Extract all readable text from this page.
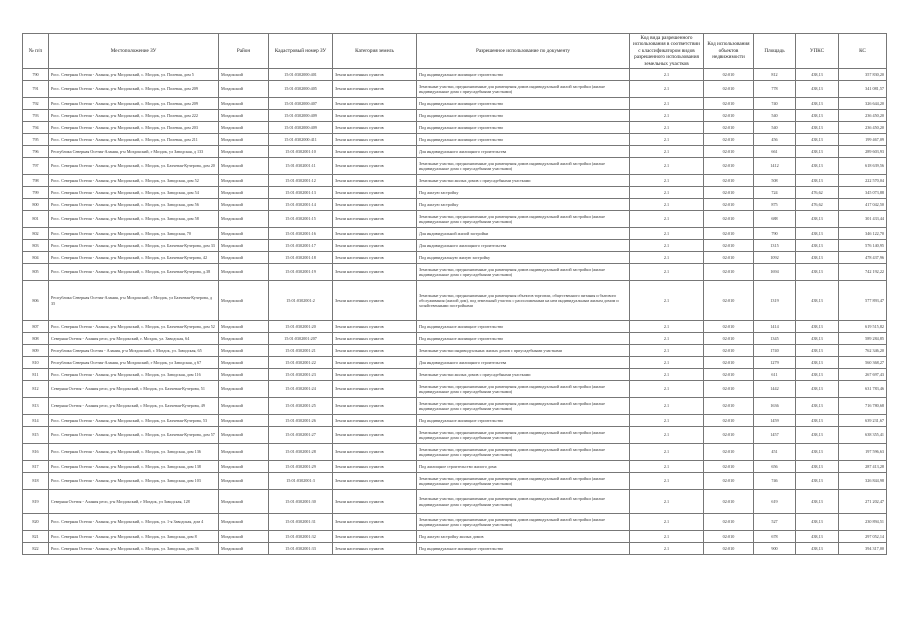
№ п/п	Местоположение ЗУ	Район	Кадастровый номер ЗУ	Категория земель	Разрешенное использование по документу	Код вида разрешенного использования в соответствии с классификатором видов разрешенного использования земельных участков	Код использования объектов недвижимости	Площадь	УПКС	КС
790	Росс. Северная Осетия - Алания, р-н Моздокский, с. Моздок, ул. Полевая, дом 5	Моздокский	15:01:0302000:401	Земли населенных пунктов	Под индивидуальное жилищное строительство	2.1	02:010	812	438,13	357 830,20
791	Росс. Северная Осетия - Алания, р-н Моздокский, с. Моздок, ул. Полевая, дом 209	Моздокский	15:01:0302000:405	Земли населенных пунктов	Земельные участки, предназначенные для размещения домов индивидуальной жилой застройки (жилые индивидуальные дома с приусадебными участками)	2.1	02:010	778	438,13	341 081,57
792	Росс. Северная Осетия - Алания, р-н Моздокский, с. Моздок, ул. Полевая, дом 209	Моздокский	15:01:0302000:407	Земли населенных пунктов	Под индивидуальное жилищное строительство	2.1	02:010	740	438,13	326 644,20
793	Росс. Северная Осетия - Алания, р-н Моздокский, с. Моздок, ул. Полевая, дом 222	Моздокский	15:01:0302000:409	Земли населенных пунктов	Под индивидуальное жилищное строительство	2.1	02:010	540	438,13	236 450,20
794	Росс. Северная Осетия - Алания, р-н Моздокский, с. Моздок, ул. Полевая, дом 203	Моздокский	15:01:0302000:409	Земли населенных пунктов	Под индивидуальное жилищное строительство	2.1	02:010	540	438,13	236 450,20
795	Росс. Северная Осетия - Алания, р-н Моздокский, с. Моздок, ул. Полевая, дом 211	Моздокский	15:01:0302000:411	Земли населенных пунктов	Под индивидуальное жилищное строительство	2.1	02:010	456	438,13	199 467,09
796	Республика Северная Осетия-Алания, р-н Моздокский, г Моздок, ул Заводская, д 133	Моздокский	15:01:0302001:10	Земли населенных пунктов	Для индивидуального жилищного строительства	2.1	02:010	661	438,13	289 603,93
797	Росс. Северная Осетия - Алания, р-н Моздокский, с. Моздок, ул. Бахчевая-Кучерова, дом 20	Моздокский	15:01:0302001:11	Земли населенных пунктов	Земельные участки, предназначенные для размещения домов индивидуальной жилой застройки (жилые индивидуальные дома с приусадебными участками)	2.1	02:010	1412	438,13	618 639,56
798	Росс. Северная Осетия - Алания, р-н Моздокский, с. Моздок, ул. Заводская, дом 52	Моздокский	15:01:0302001:12	Земли населенных пунктов	Земельные участки жилых домов с приусадебными участками	2.1	02:010	508	438,13	222 570,04
799	Росс. Северная Осетия - Алания, р-н Моздокский, с. Моздок, ул. Заводская, дом 54	Моздокский	15:01:0302001:13	Земли населенных пунктов	Под жилую застройку	2.1	02:010	724	476,62	345 073,88
800	Росс. Северная Осетия - Алания, р-н Моздокский, с. Моздок, ул. Заводская, дом 56	Моздокский	15:01:0302001:14	Земли населенных пунктов	Под жилую застройку	2.1	02:010	875	476,62	417 042,50
801	Росс. Северная Осетия - Алания, р-н Моздокский, с. Моздок, ул. Заводская, дом 58	Моздокский	15:01:0302001:15	Земли населенных пунктов	Земельные участки, предназначенные для размещения домов индивидуальной жилой застройки (жилые индивидуальные дома с приусадебными участками)	2.1	02:010	688	438,13	301 433,44
802	Росс. Северная Осетия - Алания, р-н Моздокский, с. Моздок, ул. Заводская, 70	Моздокский	15:01:0302001:16	Земли населенных пунктов	Для индивидуальной жилой застройки	2.1	02:010	790	438,13	346 122,70
803	Росс. Северная Осетия - Алания, р-н Моздокский, с. Моздок, ул. Бахчевая-Кучерова, дом 33	Моздокский	15:01:0302001:17	Земли населенных пунктов	Для индивидуального жилищного строительства	2.1	02:010	1315	438,13	576 140,95
804	Росс. Северная Осетия - Алания, р-н Моздокский, с. Моздок, ул. Бахчевая-Кучерова, 42	Моздокский	15:01:0302001:18	Земли населенных пунктов	Под индивидуальную жилую застройку	2.1	02:010	1092	438,13	478 437,96
805	Росс. Северная Осетия - Алания, р-н Моздокский, с. Моздок, ул. Бахчевая-Кучерова, д.38	Моздокский	15:01:0302001:19	Земли населенных пунктов	Земельные участки, предназначенные для размещения домов индивидуальной жилой застройки (жилые индивидуальные дома с приусадебными участками)	2.1	02:010	1694	438,13	742 192,22
806	Республика Северная Осетия-Алания, р-н Моздокский, г Моздок, ул Бахчевая-Кучерова, д 35	Моздокский	15:01:0302001:2	Земли населенных пунктов	Земельные участки, предназначенные для размещения объектов торговли, общественного питания и бытового обслуживания (жилой дом), под земельный участок с расположенным на нем индивидуальным жилым домом и хозяйственными постройками	2.1	02:010	1319	438,13	577 893,47
807	Росс. Северная Осетия - Алания, р-н Моздокский, с. Моздок, ул. Бахчевая-Кучерова, дом 52	Моздокский	15:01:0302001:20	Земли населенных пунктов	Под индивидуальное жилищное строительство	2.1	02:010	1414	438,13	619 515,82
808	Северная Осетия - Алания респ, р-н Моздокский, г. Моздок, ул. Заводская, 64	Моздокский	15:01:0302001:207	Земли населенных пунктов	Под индивидуальное жилищное строительство	2.1	02:010	1345	438,13	589 284,85
809	Республика Северная Осетия - Алания, р-н Моздокский, г. Моздок, ул. Заводская, 65	Моздокский	15:01:0302001:21	Земли населенных пунктов	Земельные участки индивидуальных жилых домов с приусадебными участками	2.1	02:010	1740	438,13	762 346,20
810	Республика Северная Осетия-Алания, р-н Моздокский, г Моздок, ул Заводская, д 67	Моздокский	15:01:0302001:22	Земли населенных пунктов	Для индивидуального жилищного строительства	2.1	02:010	1279	438,13	560 368,27
811	Росс. Северная Осетия - Алания, р-н Моздокский, с. Моздок, ул. Заводская, дом 116	Моздокский	15:01:0302001:23	Земли населенных пунктов	Земельные участки жилых домов с приусадебными участками	2.1	02:010	611	438,13	267 697,43
812	Северная Осетия - Алания респ, р-н Моздокский, с Моздок, ул. Бахчевая-Кучерова, 51	Моздокский	15:01:0302001:24	Земли населенных пунктов	Земельные участки, предназначенные для размещения домов индивидуальной жилой застройки (жилые индивидуальные дома с приусадебными участками)	2.1	02:010	1442	438,13	631 783,46
813	Северная Осетия - Алания респ, р-н Моздокский, с Моздок, ул. Бахчевая-Кучерова, 49	Моздокский	15:01:0302001:25	Земли населенных пунктов	Земельные участки, предназначенные для размещения домов индивидуальной жилой застройки (жилые индивидуальные дома с приусадебными участками)	2.1	02:010	1636	438,13	716 780,68
814	Росс. Северная Осетия - Алания, р-н Моздокский, с. Моздок, ул. Бахчевая-Кучерова, 53	Моздокский	15:01:0302001:26	Земли населенных пунктов	Под индивидуальное жилищное строительство	2.1	02:010	1459	438,13	639 231,67
815	Росс. Северная Осетия - Алания, р-н Моздокский, с. Моздок, ул. Бахчевая-Кучерова, дом 57	Моздокский	15:01:0302001:27	Земли населенных пунктов	Земельные участки, предназначенные для размещения домов индивидуальной жилой застройки (жилые индивидуальные дома с приусадебными участками)	2.1	02:010	1457	438,13	638 355,41
816	Росс. Северная Осетия - Алания, р-н Моздокский, с. Моздок, ул. Заводская, дом 136	Моздокский	15:01:0302001:28	Земли населенных пунктов	Земельные участки, предназначенные для размещения домов индивидуальной жилой застройки (жилые индивидуальные дома с приусадебными участками)	2.1	02:010	451	438,13	197 596,63
817	Росс. Северная Осетия - Алания, р-н Моздокский, с. Моздок, ул. Заводская, дом 138	Моздокский	15:01:0302001:29	Земли населенных пунктов	Под жилищное строительство жилого дома	2.1	02:010	656	438,13	287 413,28
818	Росс. Северная Осетия - Алания, р-н Моздокский, с. Моздок, ул. Заводская, дом 103	Моздокский	15:01:0302001:3	Земли населенных пунктов	Земельные участки, предназначенные для размещения домов индивидуальной жилой застройки (жилые индивидуальные дома с приусадебными участками)	2.1	02:010	746	438,13	326 844,98
819	Северная Осетия - Алания респ, р-н Моздокский, г Моздок, ул Заводская, 128	Моздокский	15:01:0302001:30	Земли населенных пунктов	Земельные участки, предназначенные для размещения домов индивидуальной жилой застройки (жилые индивидуальные дома с приусадебными участками)	2.1	02:010	619	438,13	271 202,47
820	Росс. Северная Осетия - Алания, р-н Моздокский, с. Моздок, ул. 1-я Заводская, дом 4	Моздокский	15:01:0302001:31	Земли населенных пунктов	Земельные участки, предназначенные для размещения домов индивидуальной жилой застройки (жилые индивидуальные дома с приусадебными участками)	2.1	02:010	527	438,13	230 894,51
821	Росс. Северная Осетия - Алания, р-н Моздокский, с. Моздок, ул. Заводская, дом 8	Моздокский	15:01:0302001:32	Земли населенных пунктов	Под жилую застройку жилых домов	2.1	02:010	678	438,13	297 052,14
822	Росс. Северная Осетия - Алания, р-н Моздокский, с. Моздок, ул. Заводская, дом 36	Моздокский	15:01:0302001:33	Земли населенных пунктов	Под индивидуальное жилищное строительство	2.1	02:010	900	438,13	394 317,00
